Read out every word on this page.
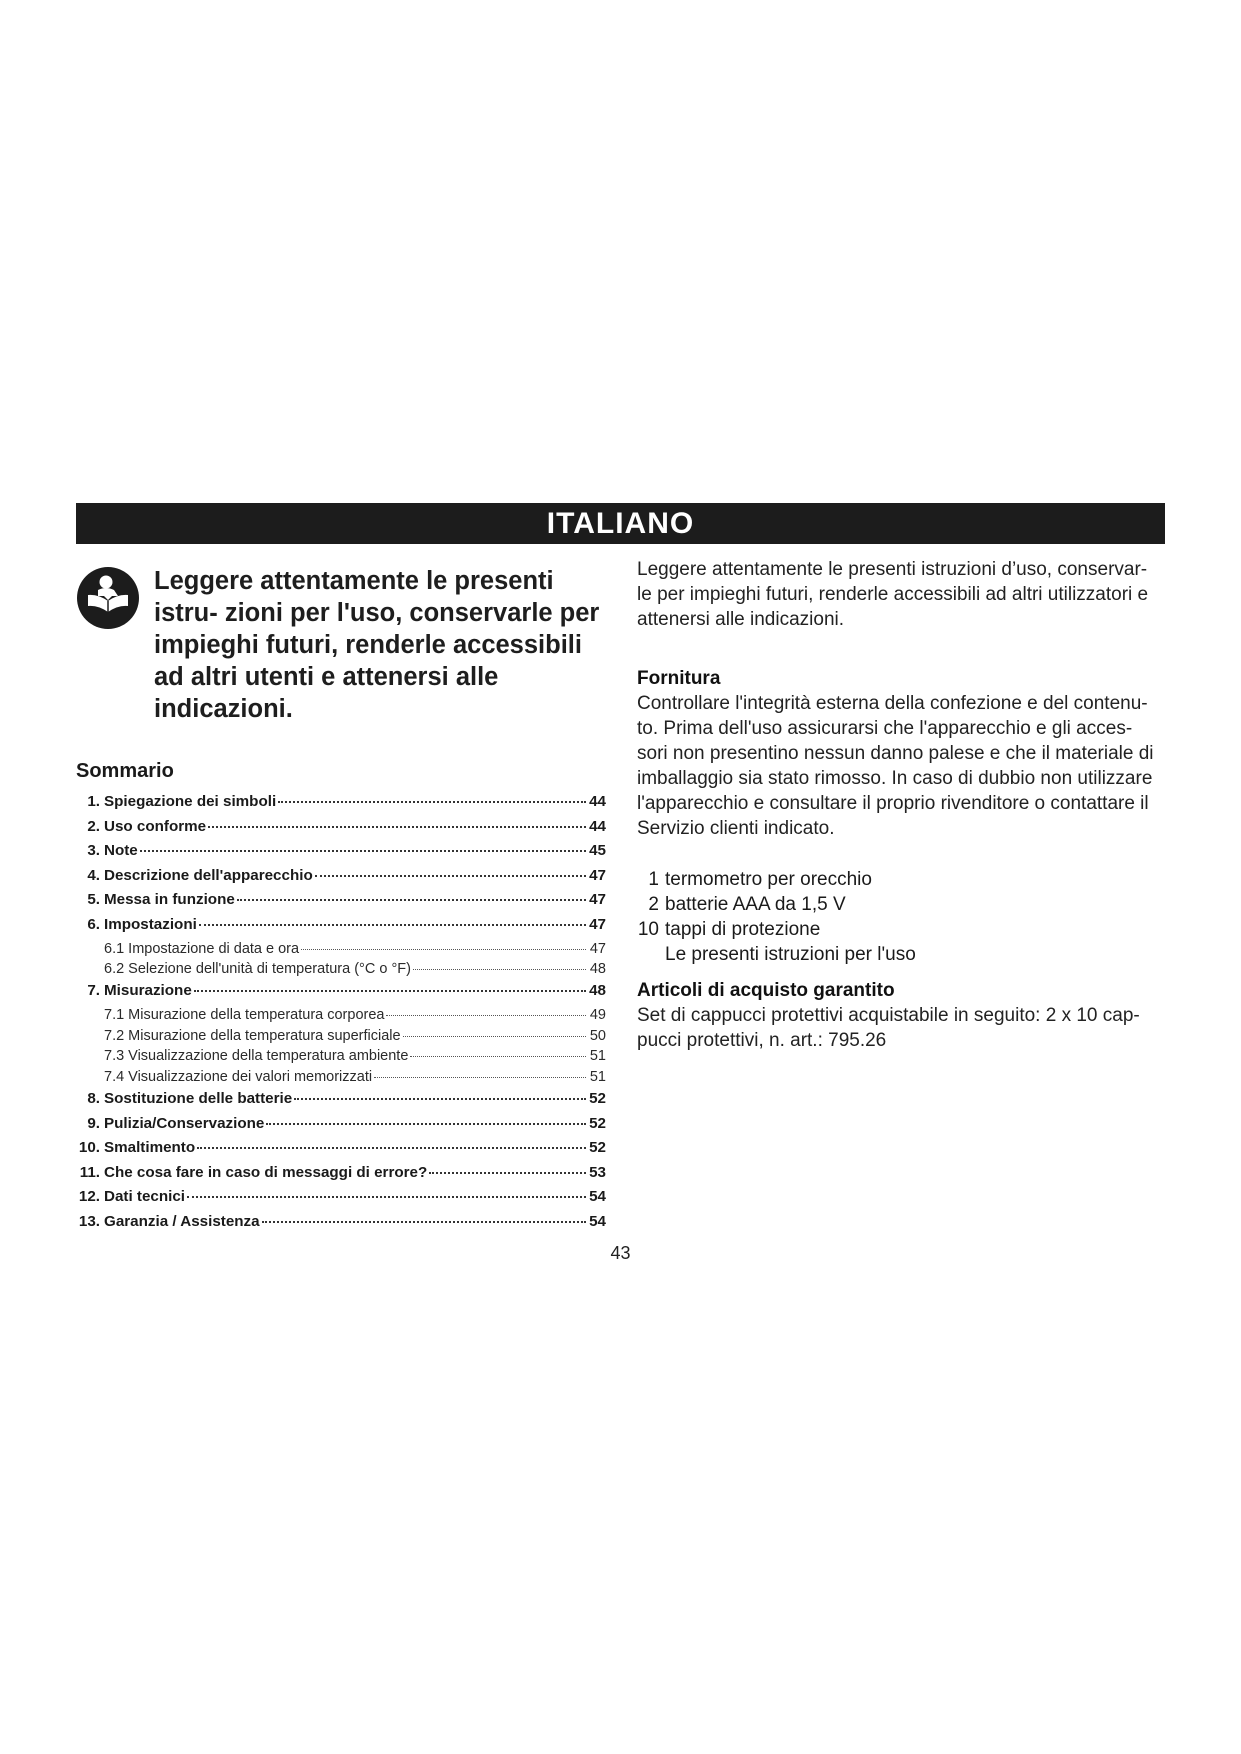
ITALIANO
Leggere attentamente le presenti istru- zioni per l'uso, conservarle per impieghi futuri, renderle accessibili ad altri utenti e attenersi alle indicazioni.
Sommario
1. Spiegazione dei simboli	44
2. Uso conforme	44
3. Note	45
4. Descrizione dell'apparecchio	47
5. Messa in funzione	47
6. Impostazioni	47
6.1 Impostazione di data e ora	47
6.2 Selezione dell'unità di temperatura (°C o °F)	48
7. Misurazione	48
7.1 Misurazione della temperatura corporea	49
7.2 Misurazione della temperatura superficiale	50
7.3 Visualizzazione della temperatura ambiente	51
7.4 Visualizzazione dei valori memorizzati	51
8. Sostituzione delle batterie	52
9. Pulizia/Conservazione	52
10. Smaltimento	52
11. Che cosa fare in caso di messaggi di errore?	53
12. Dati tecnici	54
13. Garanzia / Assistenza	54

Leggere attentamente le presenti istruzioni d’uso, conservar- le per impieghi futuri, renderle accessibili ad altri utilizzatori e attenersi alle indicazioni.

Fornitura

Controllare l'integrità esterna della confezione e del contenu- to. Prima dell'uso assicurarsi che l'apparecchio e gli acces- sori non presentino nessun danno palese e che il materiale di imballaggio sia stato rimosso. In caso di dubbio non utilizzare l'apparecchio e consultare il proprio rivenditore o contattare il Servizio clienti indicato.

1 termometro per orecchio
2 batterie AAA da 1,5 V
10 tappi di protezione
Le presenti istruzioni per l'uso

Articoli di acquisto garantito

Set di cappucci protettivi acquistabile in seguito: 2 x 10 cap- pucci protettivi, n. art.: 795.26

43
